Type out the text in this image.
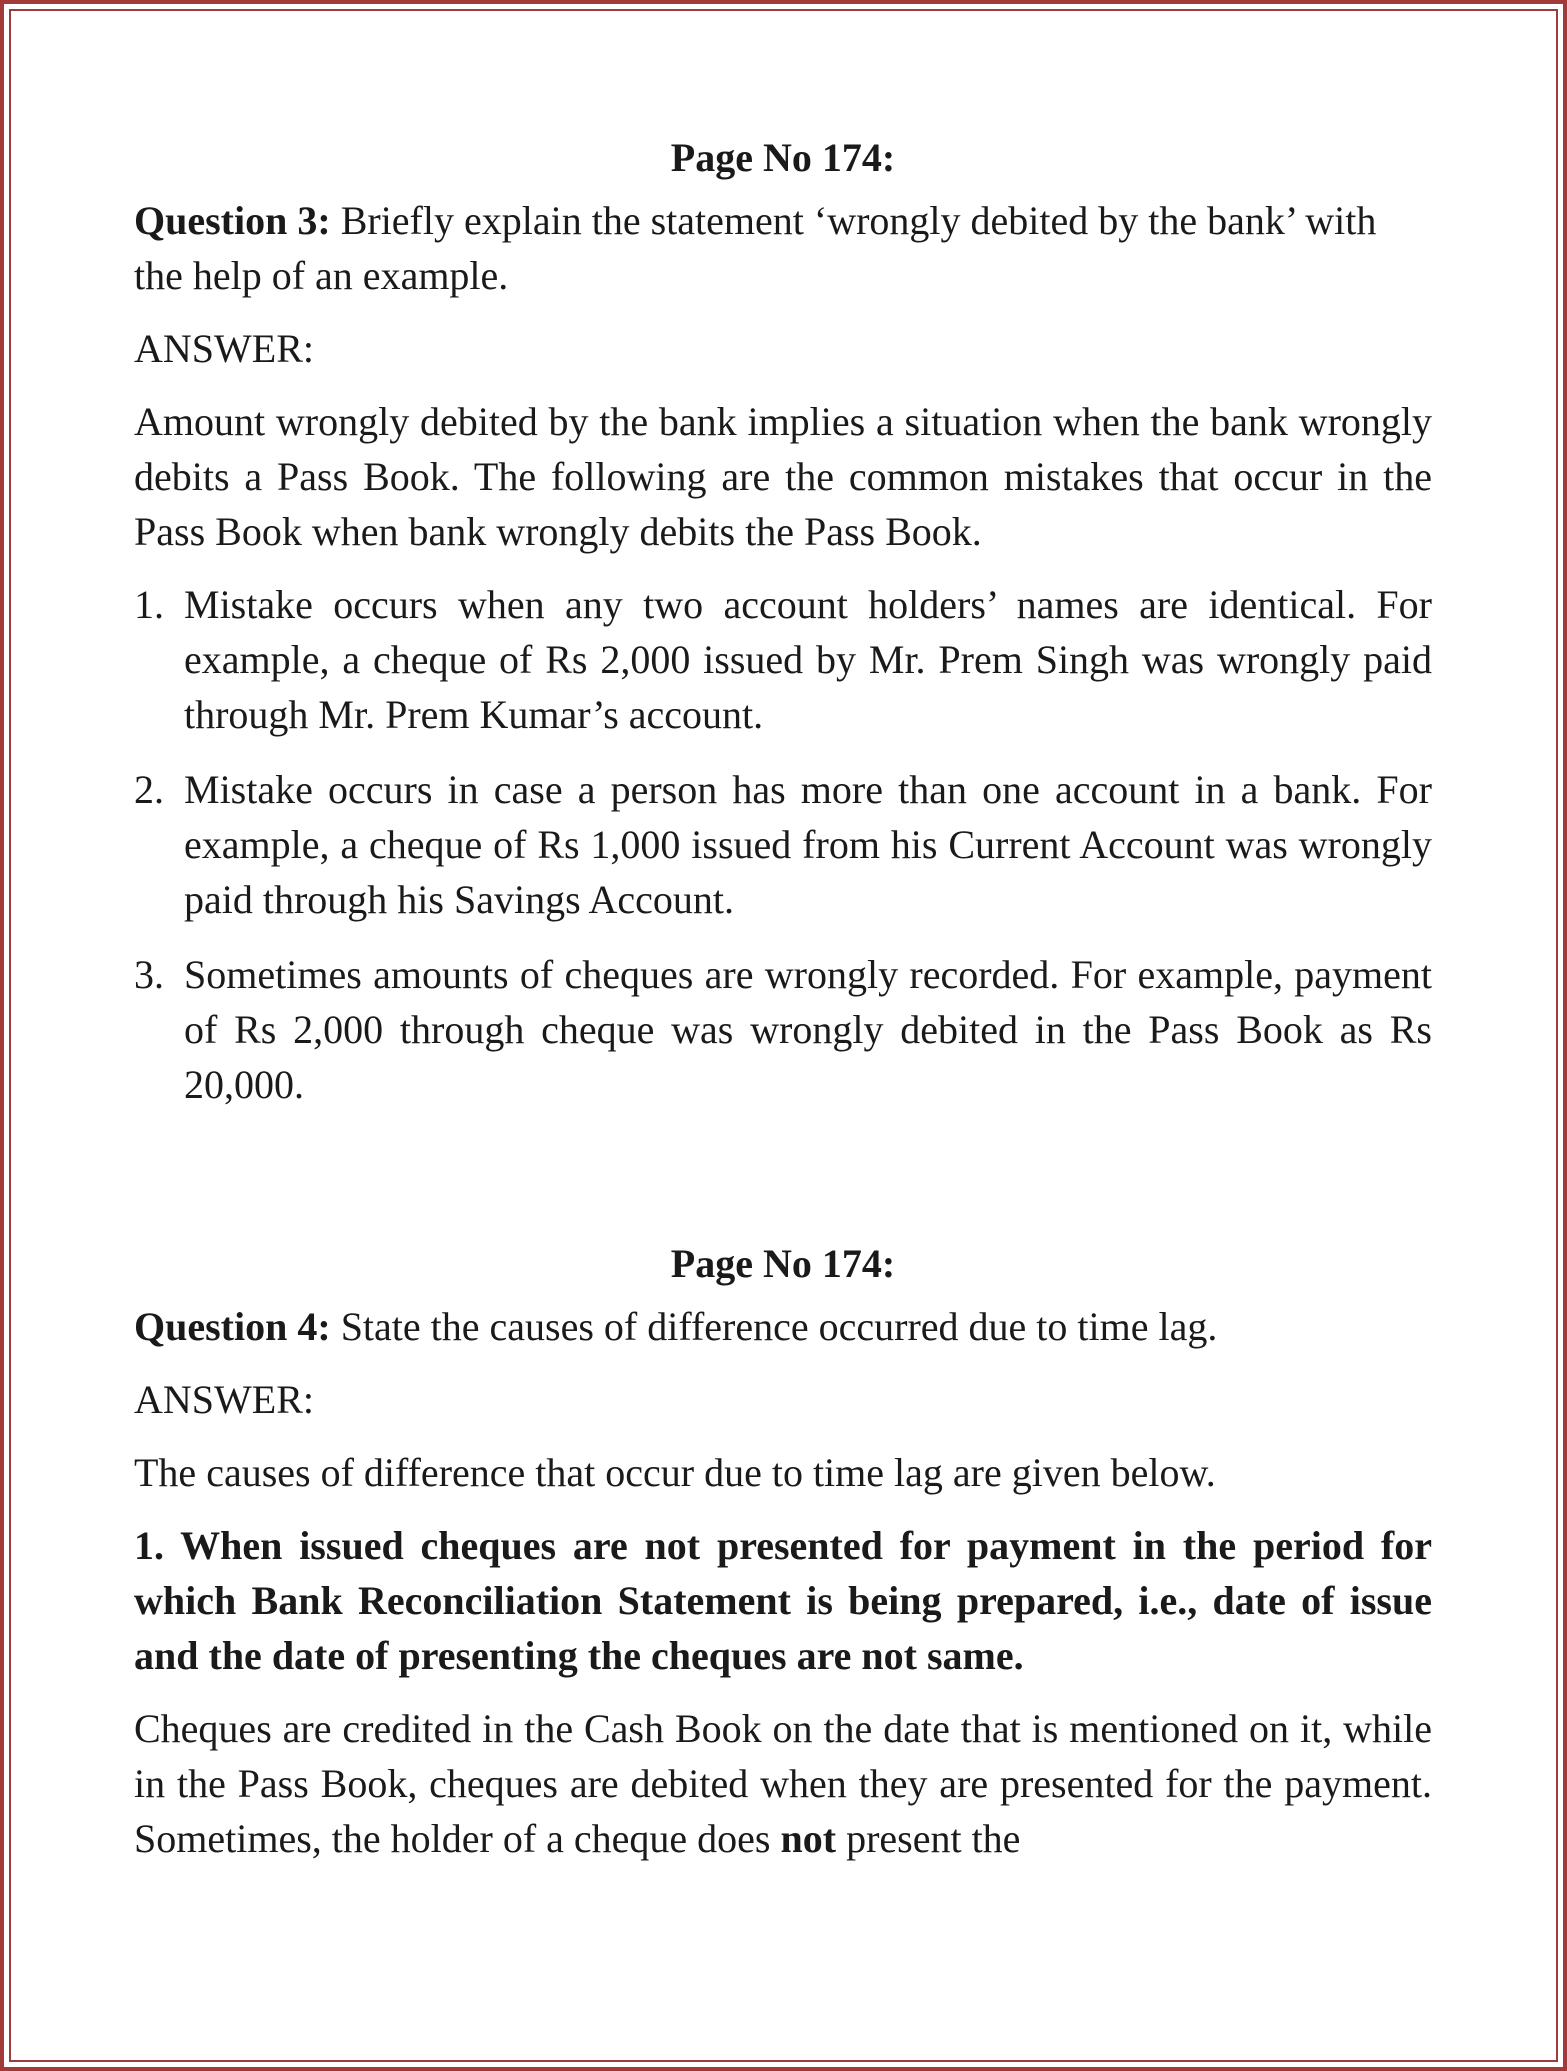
Page No 174:
Question 3: Briefly explain the statement ‘wrongly debited by the bank’ with the help of an example.
ANSWER:
Amount wrongly debited by the bank implies a situation when the bank wrongly debits a Pass Book. The following are the common mistakes that occur in the Pass Book when bank wrongly debits the Pass Book.
1. Mistake occurs when any two account holders’ names are identical. For example, a cheque of Rs 2,000 issued by Mr. Prem Singh was wrongly paid through Mr. Prem Kumar’s account.
2. Mistake occurs in case a person has more than one account in a bank. For example, a cheque of Rs 1,000 issued from his Current Account was wrongly paid through his Savings Account.
3. Sometimes amounts of cheques are wrongly recorded. For example, payment of Rs 2,000 through cheque was wrongly debited in the Pass Book as Rs 20,000.
Page No 174:
Question 4: State the causes of difference occurred due to time lag.
ANSWER:
The causes of difference that occur due to time lag are given below.
1. When issued cheques are not presented for payment in the period for which Bank Reconciliation Statement is being prepared, i.e., date of issue and the date of presenting the cheques are not same.
Cheques are credited in the Cash Book on the date that is mentioned on it, while in the Pass Book, cheques are debited when they are presented for the payment. Sometimes, the holder of a cheque does not present the
